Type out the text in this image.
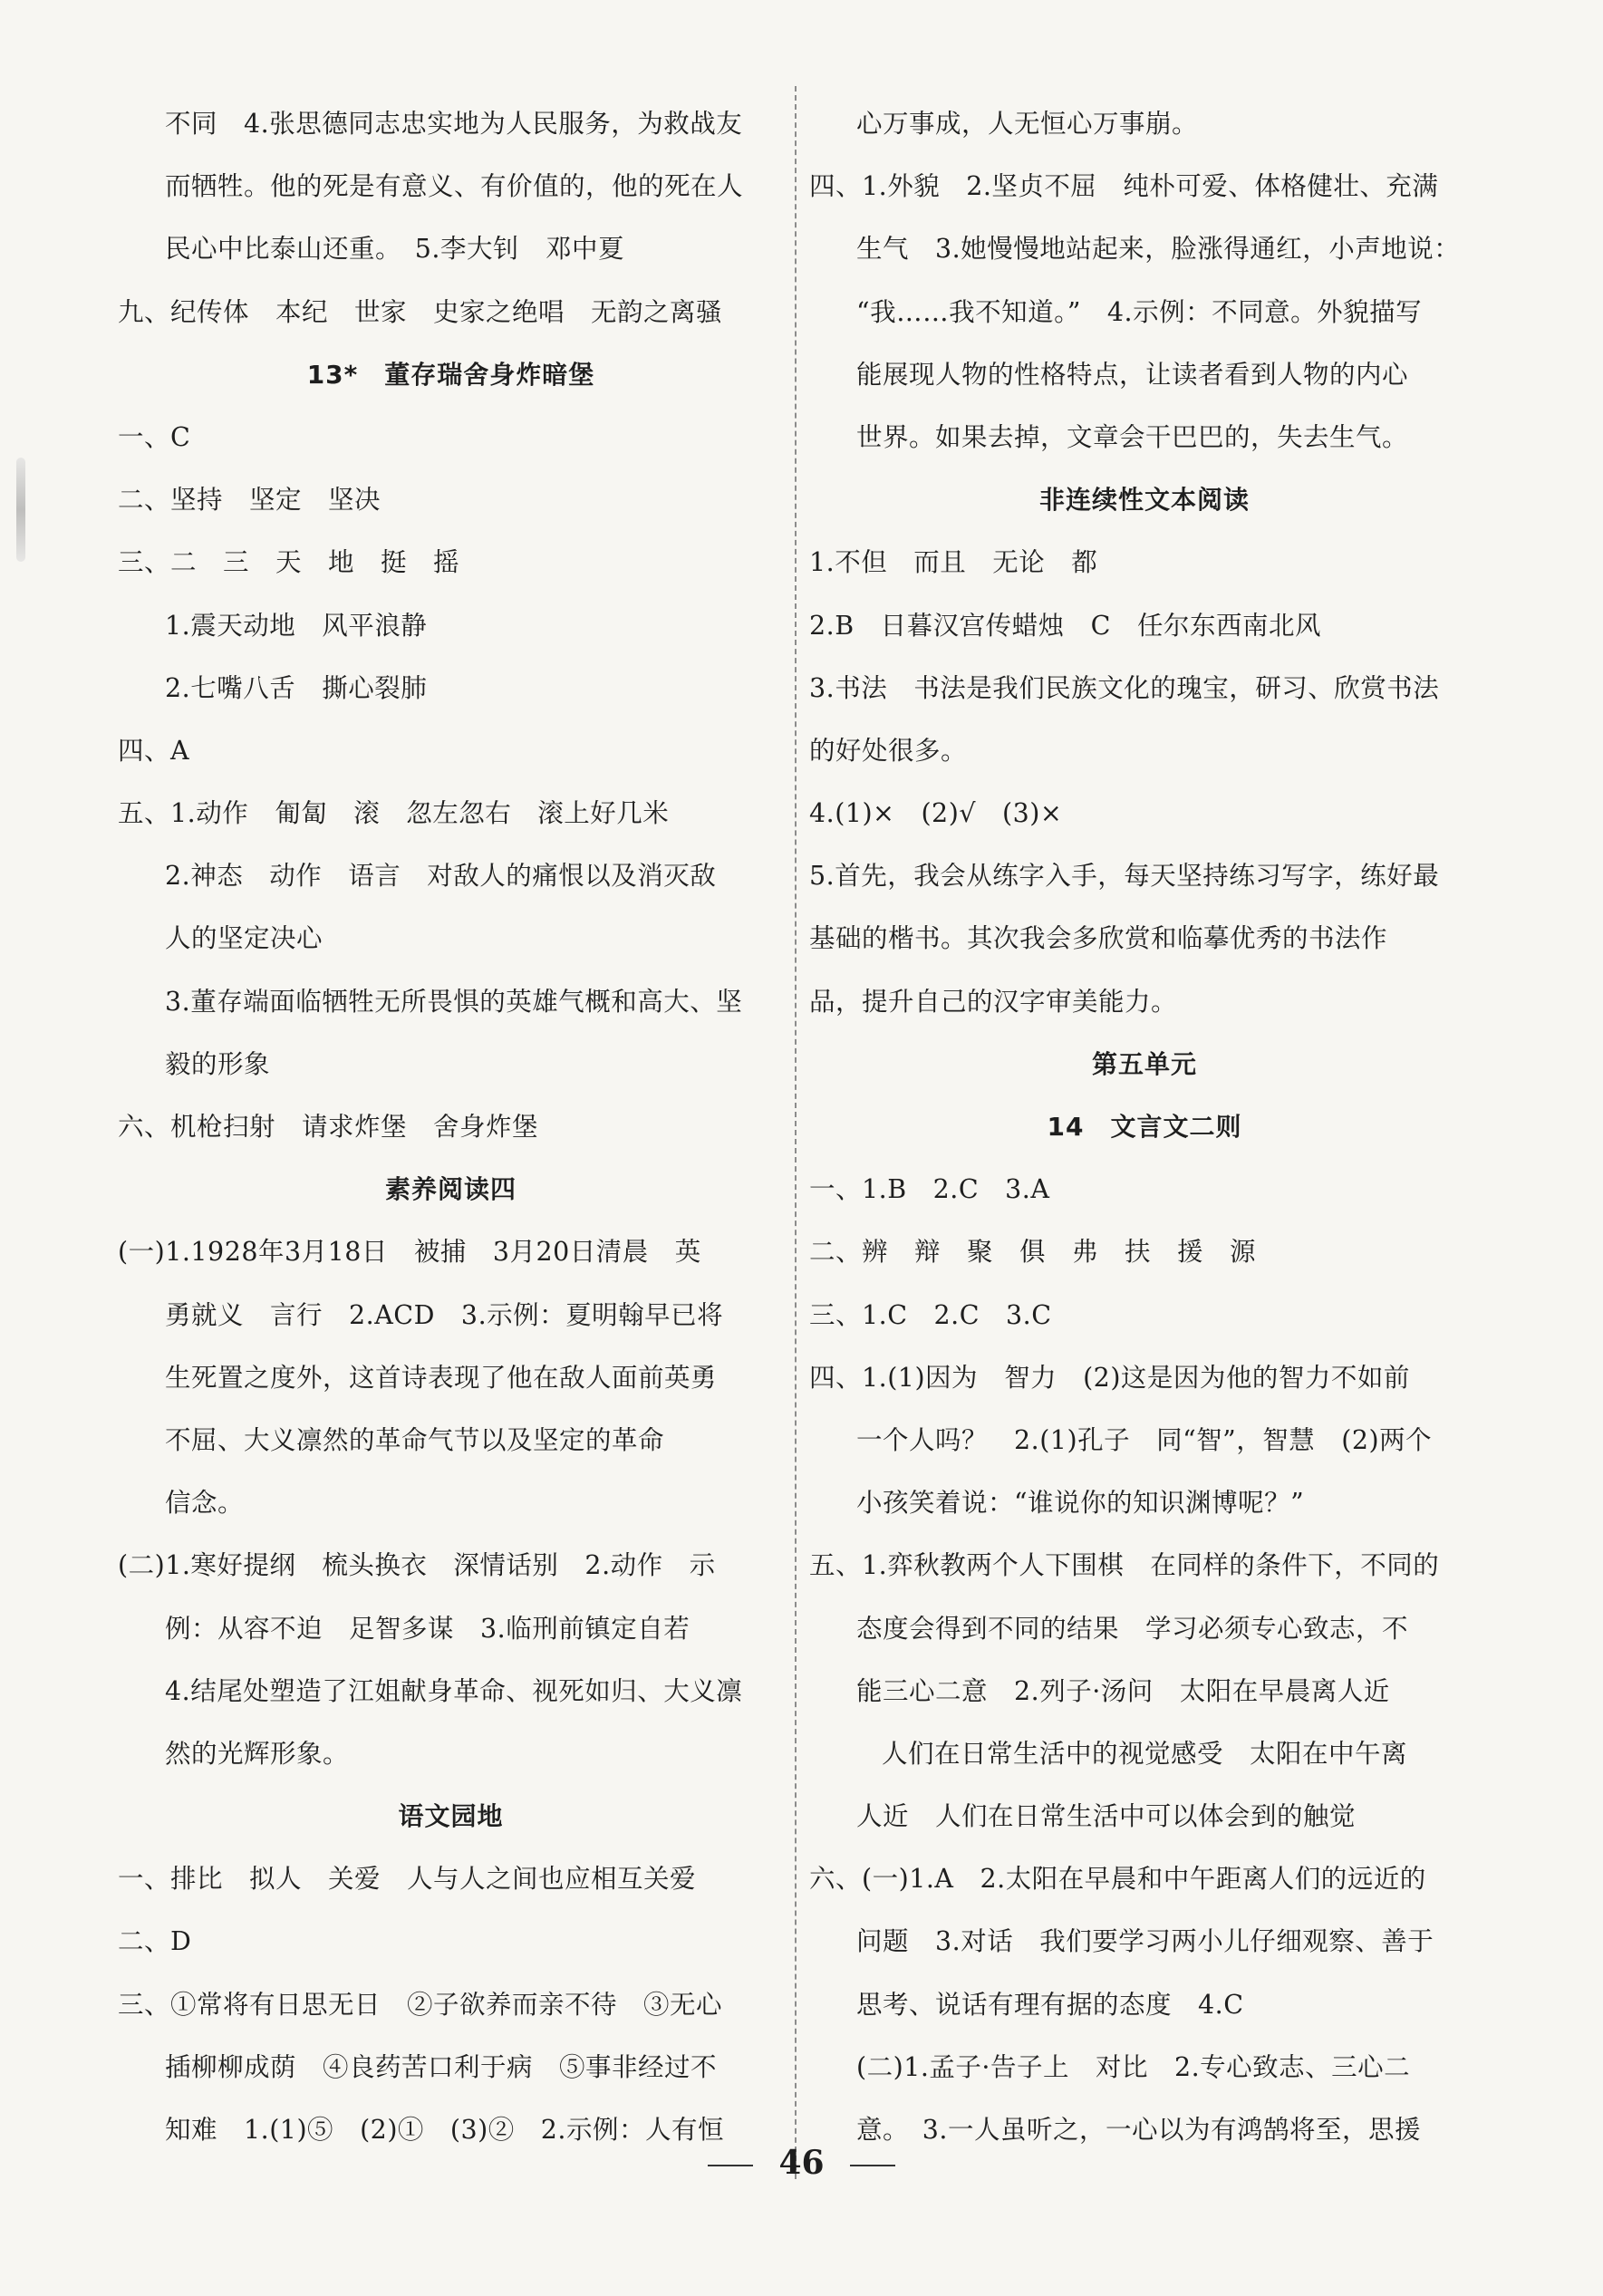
不同　4.张思德同志忠实地为人民服务，为救战友
而牺牲。他的死是有意义、有价值的，他的死在人
民心中比泰山还重。　5.李大钊　邓中夏
九、纪传体　本纪　世家　史家之绝唱　无韵之离骚
13*　董存瑞舍身炸暗堡
一、C
二、坚持　坚定　坚决
三、二　三　天　地　挺　摇
1.震天动地　风平浪静
2.七嘴八舌　撕心裂肺
四、A
五、1.动作　匍匐　滚　忽左忽右　滚上好几米
2.神态　动作　语言　对敌人的痛恨以及消灭敌
人的坚定决心
3.董存端面临牺牲无所畏惧的英雄气概和高大、坚
毅的形象
六、机枪扫射　请求炸堡　舍身炸堡
素养阅读四
(一)1.1928年3月18日　被捕　3月20日清晨　英
勇就义　言行　2.ACD　3.示例：夏明翰早已将
生死置之度外，这首诗表现了他在敌人面前英勇
不屈、大义凛然的革命气节以及坚定的革命
信念。
(二)1.寒好提纲　梳头换衣　深情话别　2.动作　示
例：从容不迫　足智多谋　3.临刑前镇定自若
4.结尾处塑造了江姐献身革命、视死如归、大义凛
然的光辉形象。
语文园地
一、排比　拟人　关爱　人与人之间也应相互关爱
二、D
三、①常将有日思无日　②子欲养而亲不待　③无心
插柳柳成荫　④良药苦口利于病　⑤事非经过不
知难　1.(1)⑤　(2)①　(3)②　2.示例：人有恒
心万事成，人无恒心万事崩。
四、1.外貌　2.坚贞不屈　纯朴可爱、体格健壮、充满
生气　3.她慢慢地站起来，脸涨得通红，小声地说：
“我……我不知道。”　4.示例：不同意。外貌描写
能展现人物的性格特点，让读者看到人物的内心
世界。如果去掉，文章会干巴巴的，失去生气。
非连续性文本阅读
1.不但　而且　无论　都
2.B　日暮汉宫传蜡烛　C　任尔东西南北风
3.书法　书法是我们民族文化的瑰宝，研习、欣赏书法
的好处很多。
4.(1)×　(2)√　(3)×
5.首先，我会从练字入手，每天坚持练习写字，练好最
基础的楷书。其次我会多欣赏和临摹优秀的书法作
品，提升自己的汉字审美能力。
第五单元
14　文言文二则
一、1.B　2.C　3.A
二、辨　辩　聚　俱　弗　扶　援　源
三、1.C　2.C　3.C
四、1.(1)因为　智力　(2)这是因为他的智力不如前
一个人吗？　2.(1)孔子　同“智”，智慧　(2)两个
小孩笑着说：“谁说你的知识渊博呢？”
五、1.弈秋教两个人下围棋　在同样的条件下，不同的
态度会得到不同的结果　学习必须专心致志，不
能三心二意　2.列子·汤问　太阳在早晨离人近
人们在日常生活中的视觉感受　太阳在中午离
人近　人们在日常生活中可以体会到的触觉
六、(一)1.A　2.太阳在早晨和中午距离人们的远近的
问题　3.对话　我们要学习两小儿仔细观察、善于
思考、说话有理有据的态度　4.C
(二)1.孟子·告子上　对比　2.专心致志、三心二
意。　3.一人虽听之，一心以为有鸿鹄将至，思援
46
